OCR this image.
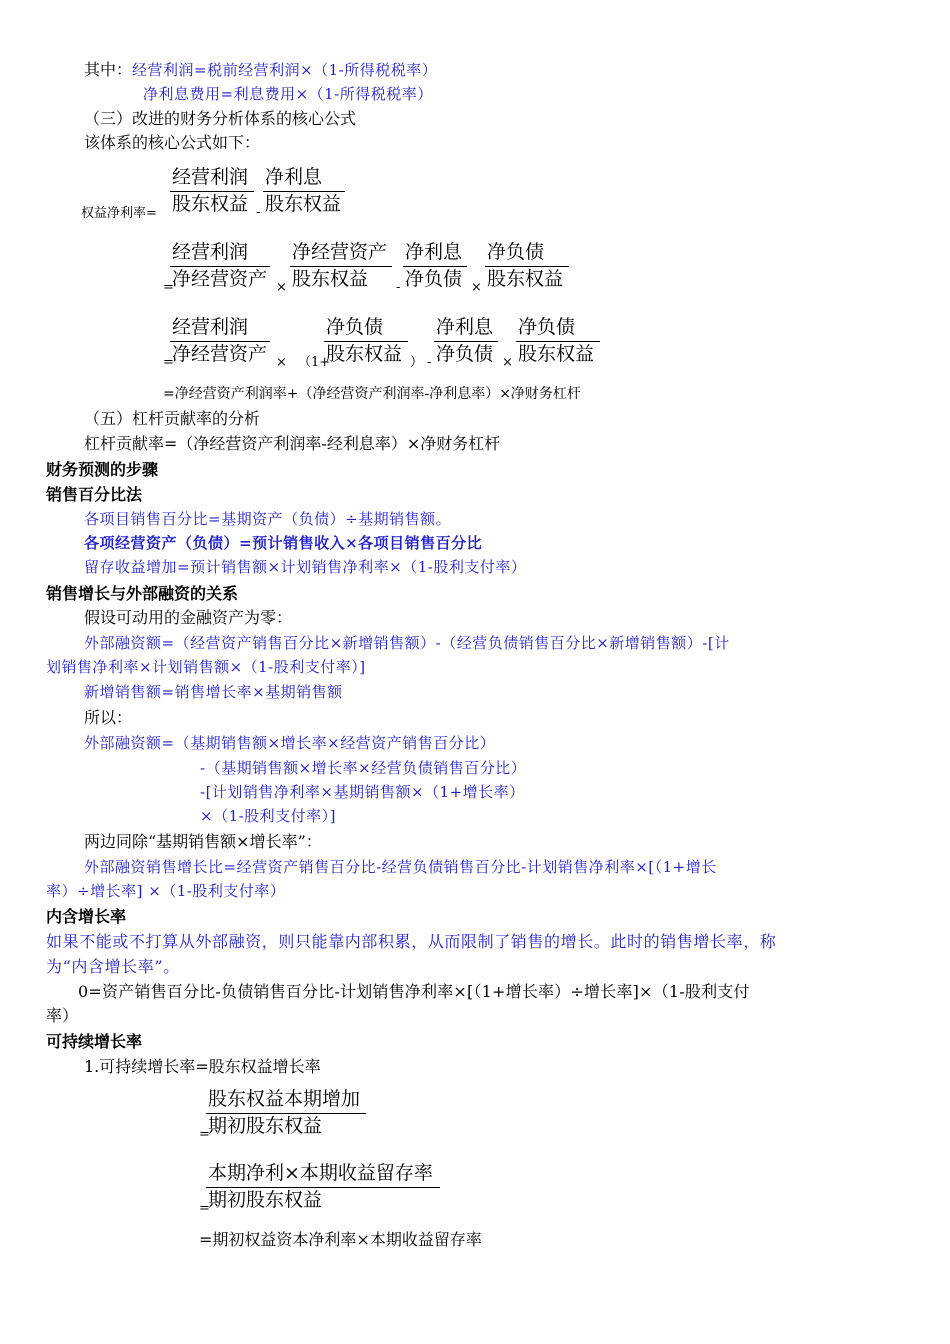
其中：经营利润=税前经营利润×（1-所得税税率）
净利息费用=利息费用×（1-所得税税率）
（三）改进的财务分析体系的核心公式
该体系的核心公式如下：
权益净利率=
经营利润
股东权益 -
净利息
股东权益
经营利润
=
净经营资产 ×
净经营资产
股东权益 -
净利息
净负债 ×
净负债
股东权益
经营利润
=
净经营资产 × （1+
净负债
股东权益 ） -
净利息
净负债 ×
净负债
股东权益
=净经营资产利润率+（净经营资产利润率-净利息率）×净财务杠杆
（五）杠杆贡献率的分析
杠杆贡献率=（净经营资产利润率-经利息率）×净财务杠杆
财务预测的步骤
销售百分比法
各项目销售百分比=基期资产（负债）÷基期销售额。
各项经营资产（负债）=预计销售收入×各项目销售百分比
留存收益增加=预计销售额×计划销售净利率×（1-股利支付率）
销售增长与外部融资的关系
假设可动用的金融资产为零：
外部融资额=（经营资产销售百分比×新增销售额）-（经营负债销售百分比×新增销售额）-[计
划销售净利率×计划销售额×（1-股利支付率）]
新增销售额=销售增长率×基期销售额
所以：
外部融资额=（基期销售额×增长率×经营资产销售百分比）
-（基期销售额×增长率×经营负债销售百分比）
-[计划销售净利率×基期销售额×（1+增长率）
×（1-股利支付率）]
两边同除“基期销售额×增长率”：
外部融资销售增长比=经营资产销售百分比-经营负债销售百分比-计划销售净利率×[（1+增长
率）÷增长率] ×（1-股利支付率）
内含增长率
如果不能或不打算从外部融资，则只能靠内部积累，从而限制了销售的增长。此时的销售增长率，称
为“内含增长率”。
0=资产销售百分比-负债销售百分比-计划销售净利率×[（1+增长率）÷增长率]×（1-股利支付
率）
可持续增长率
1.可持续增长率=股东权益增长率
股东权益本期增加
=
期初股东权益
本期净利×本期收益留存率
=
期初股东权益
=期初权益资本净利率×本期收益留存率
